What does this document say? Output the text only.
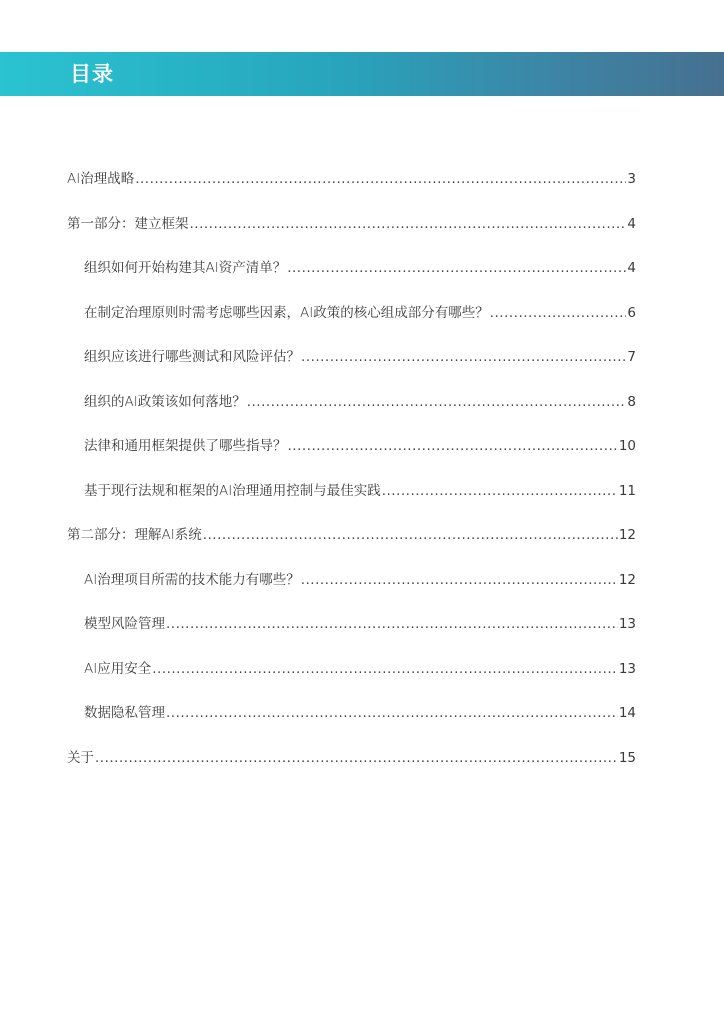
目录
AI治理战略 .....	3
第一部分：建立框架 .....	4
组织如何开始构建其AI资产清单？ .....	4
在制定治理原则时需考虑哪些因素，AI政策的核心组成部分有哪些？ .....	6
组织应该进行哪些测试和风险评估？ .....	7
组织的AI政策该如何落地？ .....	8
法律和通用框架提供了哪些指导？ .....	10
基于现行法规和框架的AI治理通用控制与最佳实践 .....	11
第二部分：理解AI系统 .....	12
AI治理项目所需的技术能力有哪些？ .....	12
模型风险管理 .....	13
AI应用安全 .....	13
数据隐私管理 .....	14
关于 .....	15
